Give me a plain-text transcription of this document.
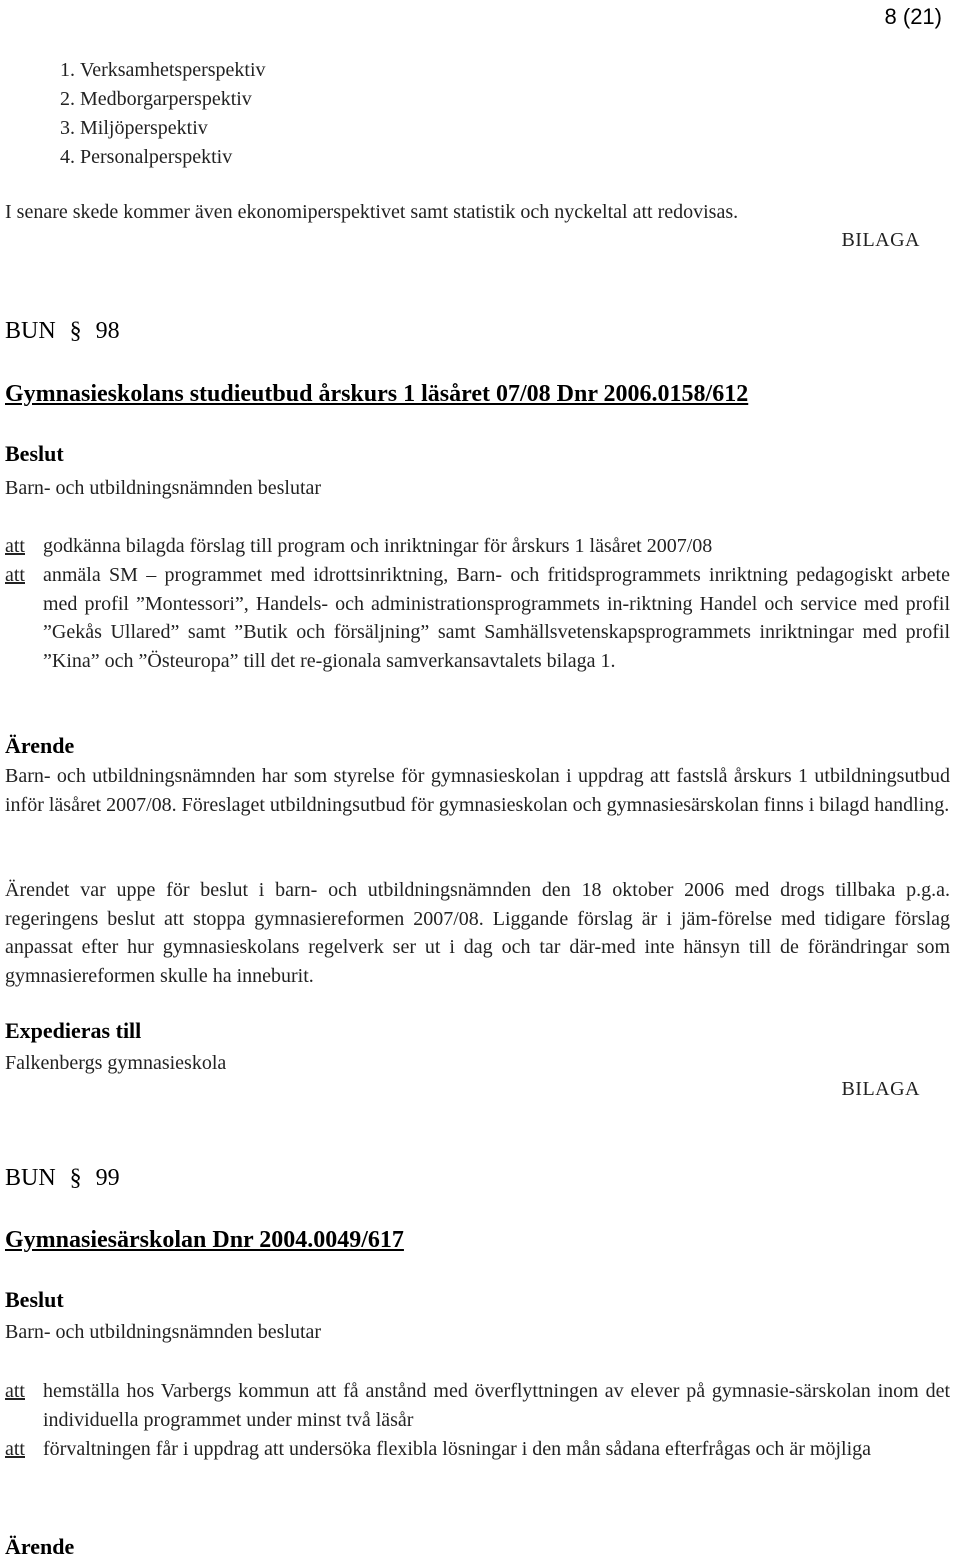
8 (21)
1. Verksamhetsperspektiv
2. Medborgarperspektiv
3. Miljöperspektiv
4. Personalperspektiv
I senare skede kommer även ekonomiperspektivet samt statistik och nyckeltal att redovisas.
BILAGA
BUN § 98
Gymnasieskolans studieutbud årskurs 1 läsåret 07/08 Dnr 2006.0158/612
Beslut
Barn- och utbildningsnämnden beslutar
att godkänna bilagda förslag till program och inriktningar för årskurs 1 läsåret 2007/08
att anmäla SM – programmet med idrottsinriktning, Barn- och fritidsprogrammets inriktning pedagogiskt arbete med profil ”Montessori”, Handels- och administrationsprogrammets in-riktning Handel och service med profil ”Gekås Ullared” samt ”Butik och försäljning” samt Samhällsvetenskapsprogrammets inriktningar med profil ”Kina” och ”Östeuropa” till det re-gionala samverkansavtalets bilaga 1.
Ärende
Barn- och utbildningsnämnden har som styrelse för gymnasieskolan i uppdrag att fastslå årskurs 1 utbildningsutbud inför läsåret 2007/08. Föreslaget utbildningsutbud för gymnasieskolan och gymnasiesärskolan finns i bilagd handling.
Ärendet var uppe för beslut i barn- och utbildningsnämnden den 18 oktober 2006 med drogs tillbaka p.g.a. regeringens beslut att stoppa gymnasiereformen 2007/08. Liggande förslag är i jäm-förelse med tidigare förslag anpassat efter hur gymnasieskolans regelverk ser ut i dag och tar där-med inte hänsyn till de förändringar som gymnasiereformen skulle ha inneburit.
Expedieras till
Falkenbergs gymnasieskola
BILAGA
BUN § 99
Gymnasiesärskolan Dnr 2004.0049/617
Beslut
Barn- och utbildningsnämnden beslutar
att hemställa hos Varbergs kommun att få anstånd med överflyttningen av elever på gymnasie-särskolan inom det individuella programmet under minst två läsår
att förvaltningen får i uppdrag att undersöka flexibla lösningar i den mån sådana efterfrågas och är möjliga
Ärende
